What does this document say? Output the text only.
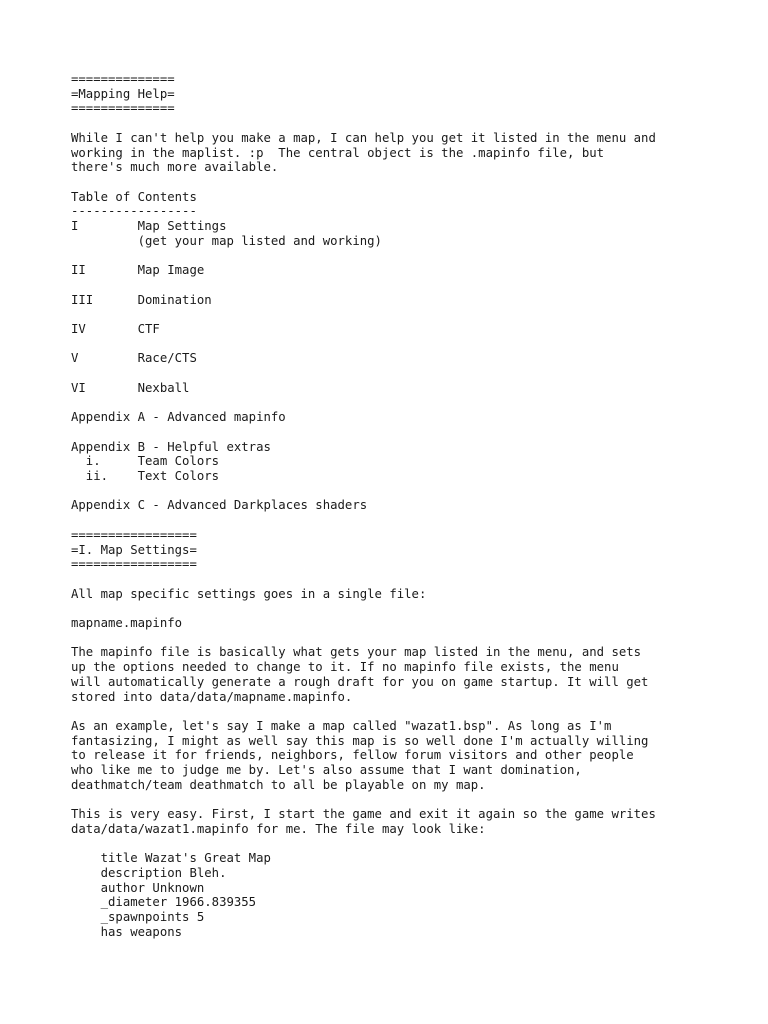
==============
=Mapping Help=
==============

While I can't help you make a map, I can help you get it listed in the menu and
working in the maplist. :p  The central object is the .mapinfo file, but
there's much more available.

Table of Contents
-----------------
I        Map Settings
(get your map listed and working)

II       Map Image

III      Domination

IV       CTF

V        Race/CTS

VI       Nexball

Appendix A - Advanced mapinfo

Appendix B - Helpful extras
i.     Team Colors
ii.    Text Colors

Appendix C - Advanced Darkplaces shaders

=================
=I. Map Settings=
=================

All map specific settings goes in a single file:

mapname.mapinfo

The mapinfo file is basically what gets your map listed in the menu, and sets
up the options needed to change to it. If no mapinfo file exists, the menu
will automatically generate a rough draft for you on game startup. It will get
stored into data/data/mapname.mapinfo.

As an example, let's say I make a map called "wazat1.bsp". As long as I'm
fantasizing, I might as well say this map is so well done I'm actually willing
to release it for friends, neighbors, fellow forum visitors and other people
who like me to judge me by. Let's also assume that I want domination,
deathmatch/team deathmatch to all be playable on my map.

This is very easy. First, I start the game and exit it again so the game writes
data/data/wazat1.mapinfo for me. The file may look like:

title Wazat's Great Map
description Bleh.
author Unknown
_diameter 1966.839355
_spawnpoints 5
has weapons
